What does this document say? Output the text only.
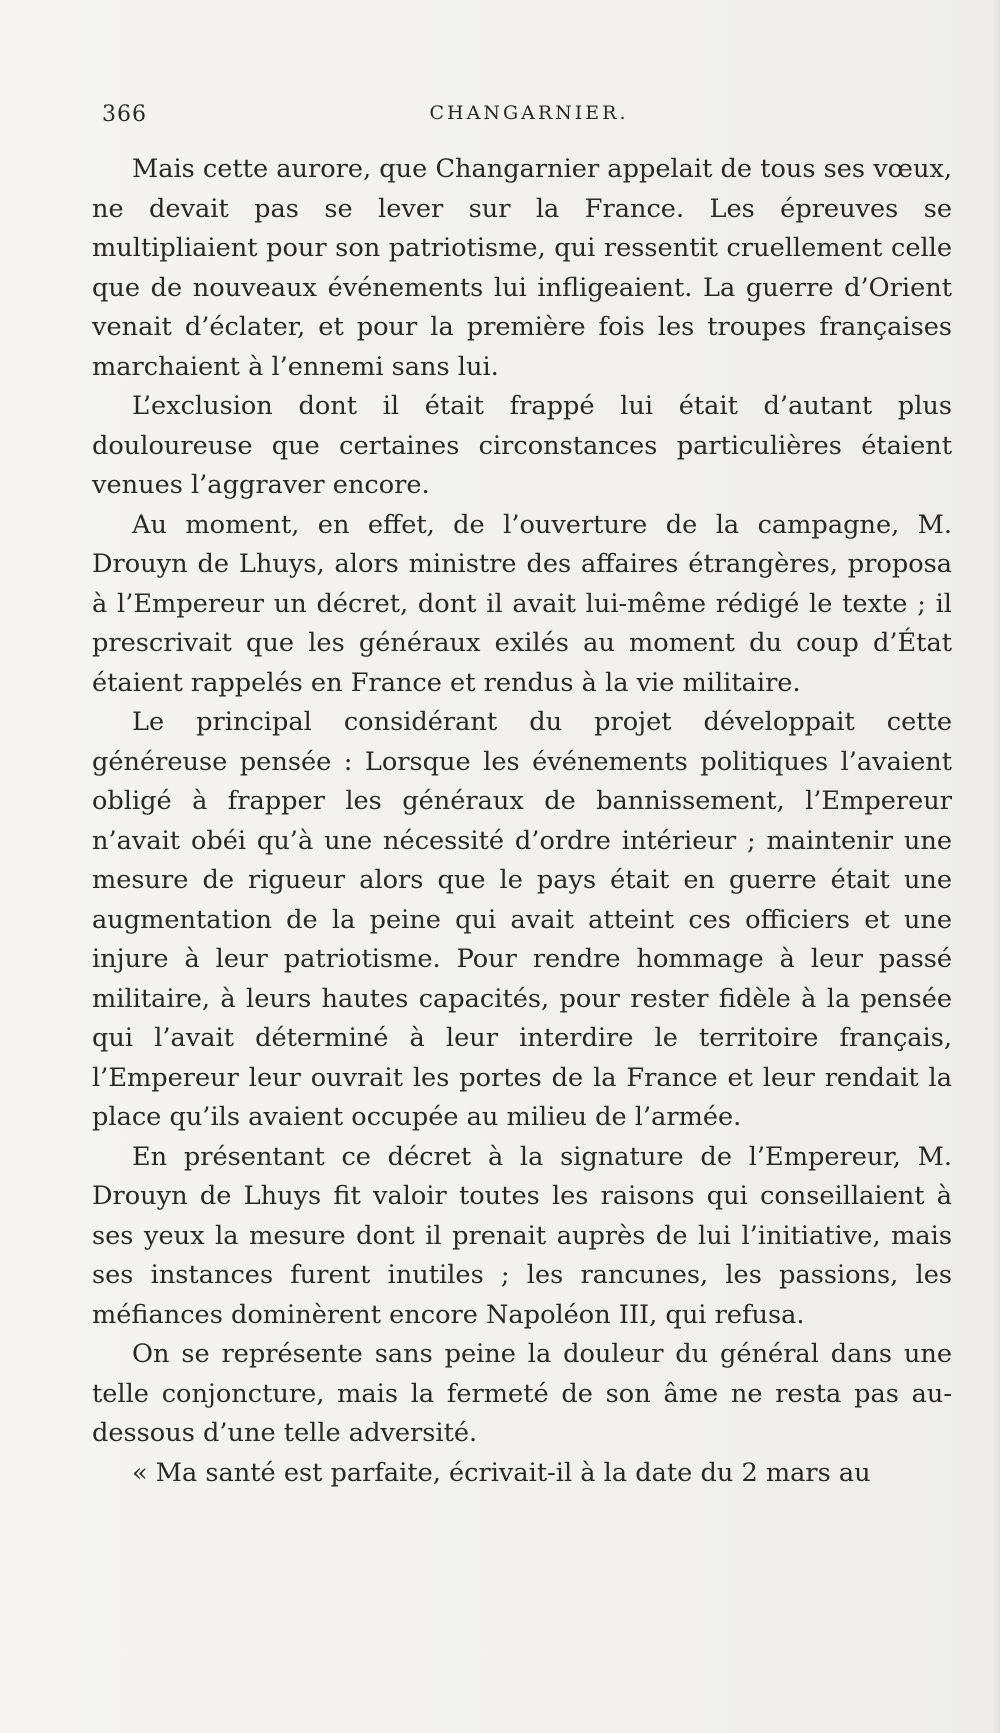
366	CHANGARNIER.

Mais cette aurore, que Changarnier appelait de tous ses vœux, ne devait pas se lever sur la France. Les épreuves se multipliaient pour son patriotisme, qui ressentit cruellement celle que de nouveaux événements lui infligeaient. La guerre d’Orient venait d’éclater, et pour la première fois les troupes françaises marchaient à l’ennemi sans lui.

L’exclusion dont il était frappé lui était d’autant plus douloureuse que certaines circonstances particulières étaient venues l’aggraver encore.

Au moment, en effet, de l’ouverture de la campagne, M. Drouyn de Lhuys, alors ministre des affaires étrangères, proposa à l’Empereur un décret, dont il avait lui-même rédigé le texte ; il prescrivait que les généraux exilés au moment du coup d’État étaient rappelés en France et rendus à la vie militaire.

Le principal considérant du projet développait cette généreuse pensée : Lorsque les événements politiques l’avaient obligé à frapper les généraux de bannissement, l’Empereur n’avait obéi qu’à une nécessité d’ordre intérieur ; maintenir une mesure de rigueur alors que le pays était en guerre était une augmentation de la peine qui avait atteint ces officiers et une injure à leur patriotisme. Pour rendre hommage à leur passé militaire, à leurs hautes capacités, pour rester fidèle à la pensée qui l’avait déterminé à leur interdire le territoire français, l’Empereur leur ouvrait les portes de la France et leur rendait la place qu’ils avaient occupée au milieu de l’armée.

En présentant ce décret à la signature de l’Empereur, M. Drouyn de Lhuys fit valoir toutes les raisons qui conseillaient à ses yeux la mesure dont il prenait auprès de lui l’initiative, mais ses instances furent inutiles ; les rancunes, les passions, les méfiances dominèrent encore Napoléon III, qui refusa.

On se représente sans peine la douleur du général dans une telle conjoncture, mais la fermeté de son âme ne resta pas au-dessous d’une telle adversité.

« Ma santé est parfaite, écrivait-il à la date du 2 mars au
